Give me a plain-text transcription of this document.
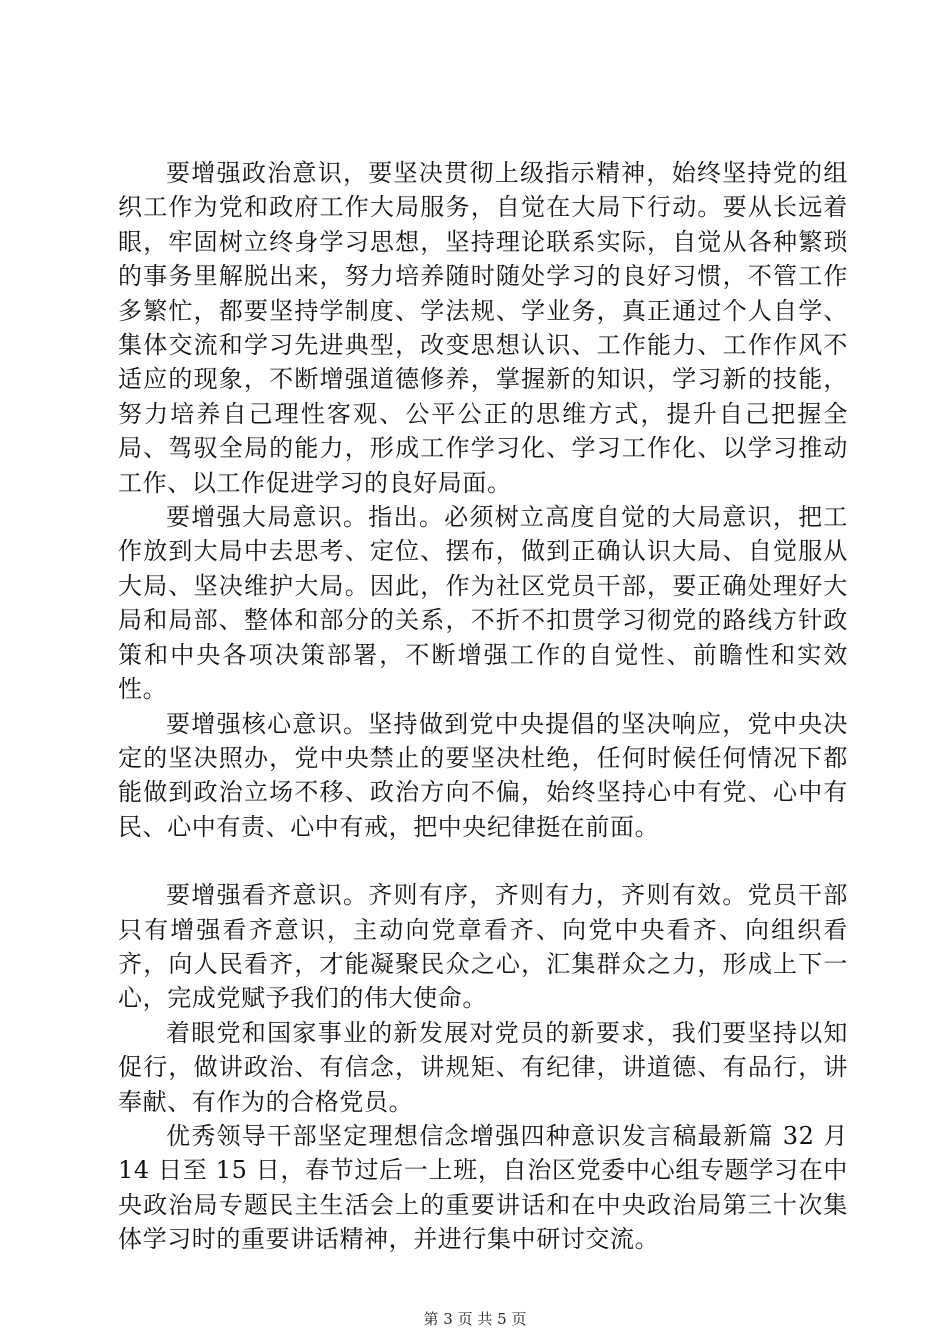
要增强政治意识，要坚决贯彻上级指示精神，始终坚持党的组织工作为党和政府工作大局服务，自觉在大局下行动。要从长远着眼，牢固树立终身学习思想，坚持理论联系实际，自觉从各种繁琐的事务里解脱出来，努力培养随时随处学习的良好习惯，不管工作多繁忙，都要坚持学制度、学法规、学业务，真正通过个人自学、集体交流和学习先进典型，改变思想认识、工作能力、工作作风不适应的现象，不断增强道德修养，掌握新的知识，学习新的技能，努力培养自己理性客观、公平公正的思维方式，提升自己把握全局、驾驭全局的能力，形成工作学习化、学习工作化、以学习推动工作、以工作促进学习的良好局面。

要增强大局意识。指出。必须树立高度自觉的大局意识，把工作放到大局中去思考、定位、摆布，做到正确认识大局、自觉服从大局、坚决维护大局。因此，作为社区党员干部，要正确处理好大局和局部、整体和部分的关系，不折不扣贯学习彻党的路线方针政策和中央各项决策部署，不断增强工作的自觉性、前瞻性和实效性。

要增强核心意识。坚持做到党中央提倡的坚决响应，党中央决定的坚决照办，党中央禁止的要坚决杜绝，任何时候任何情况下都能做到政治立场不移、政治方向不偏，始终坚持心中有党、心中有民、心中有责、心中有戒，把中央纪律挺在前面。

要增强看齐意识。齐则有序，齐则有力，齐则有效。党员干部只有增强看齐意识，主动向党章看齐、向党中央看齐、向组织看齐，向人民看齐，才能凝聚民众之心，汇集群众之力，形成上下一心，完成党赋予我们的伟大使命。

着眼党和国家事业的新发展对党员的新要求，我们要坚持以知促行，做讲政治、有信念，讲规矩、有纪律，讲道德、有品行，讲奉献、有作为的合格党员。

优秀领导干部坚定理想信念增强四种意识发言稿最新篇 32 月 14 日至 15 日，春节过后一上班，自治区党委中心组专题学习在中央政治局专题民主生活会上的重要讲话和在中央政治局第三十次集体学习时的重要讲话精神，并进行集中研讨交流。

第 3 页 共 5 页
